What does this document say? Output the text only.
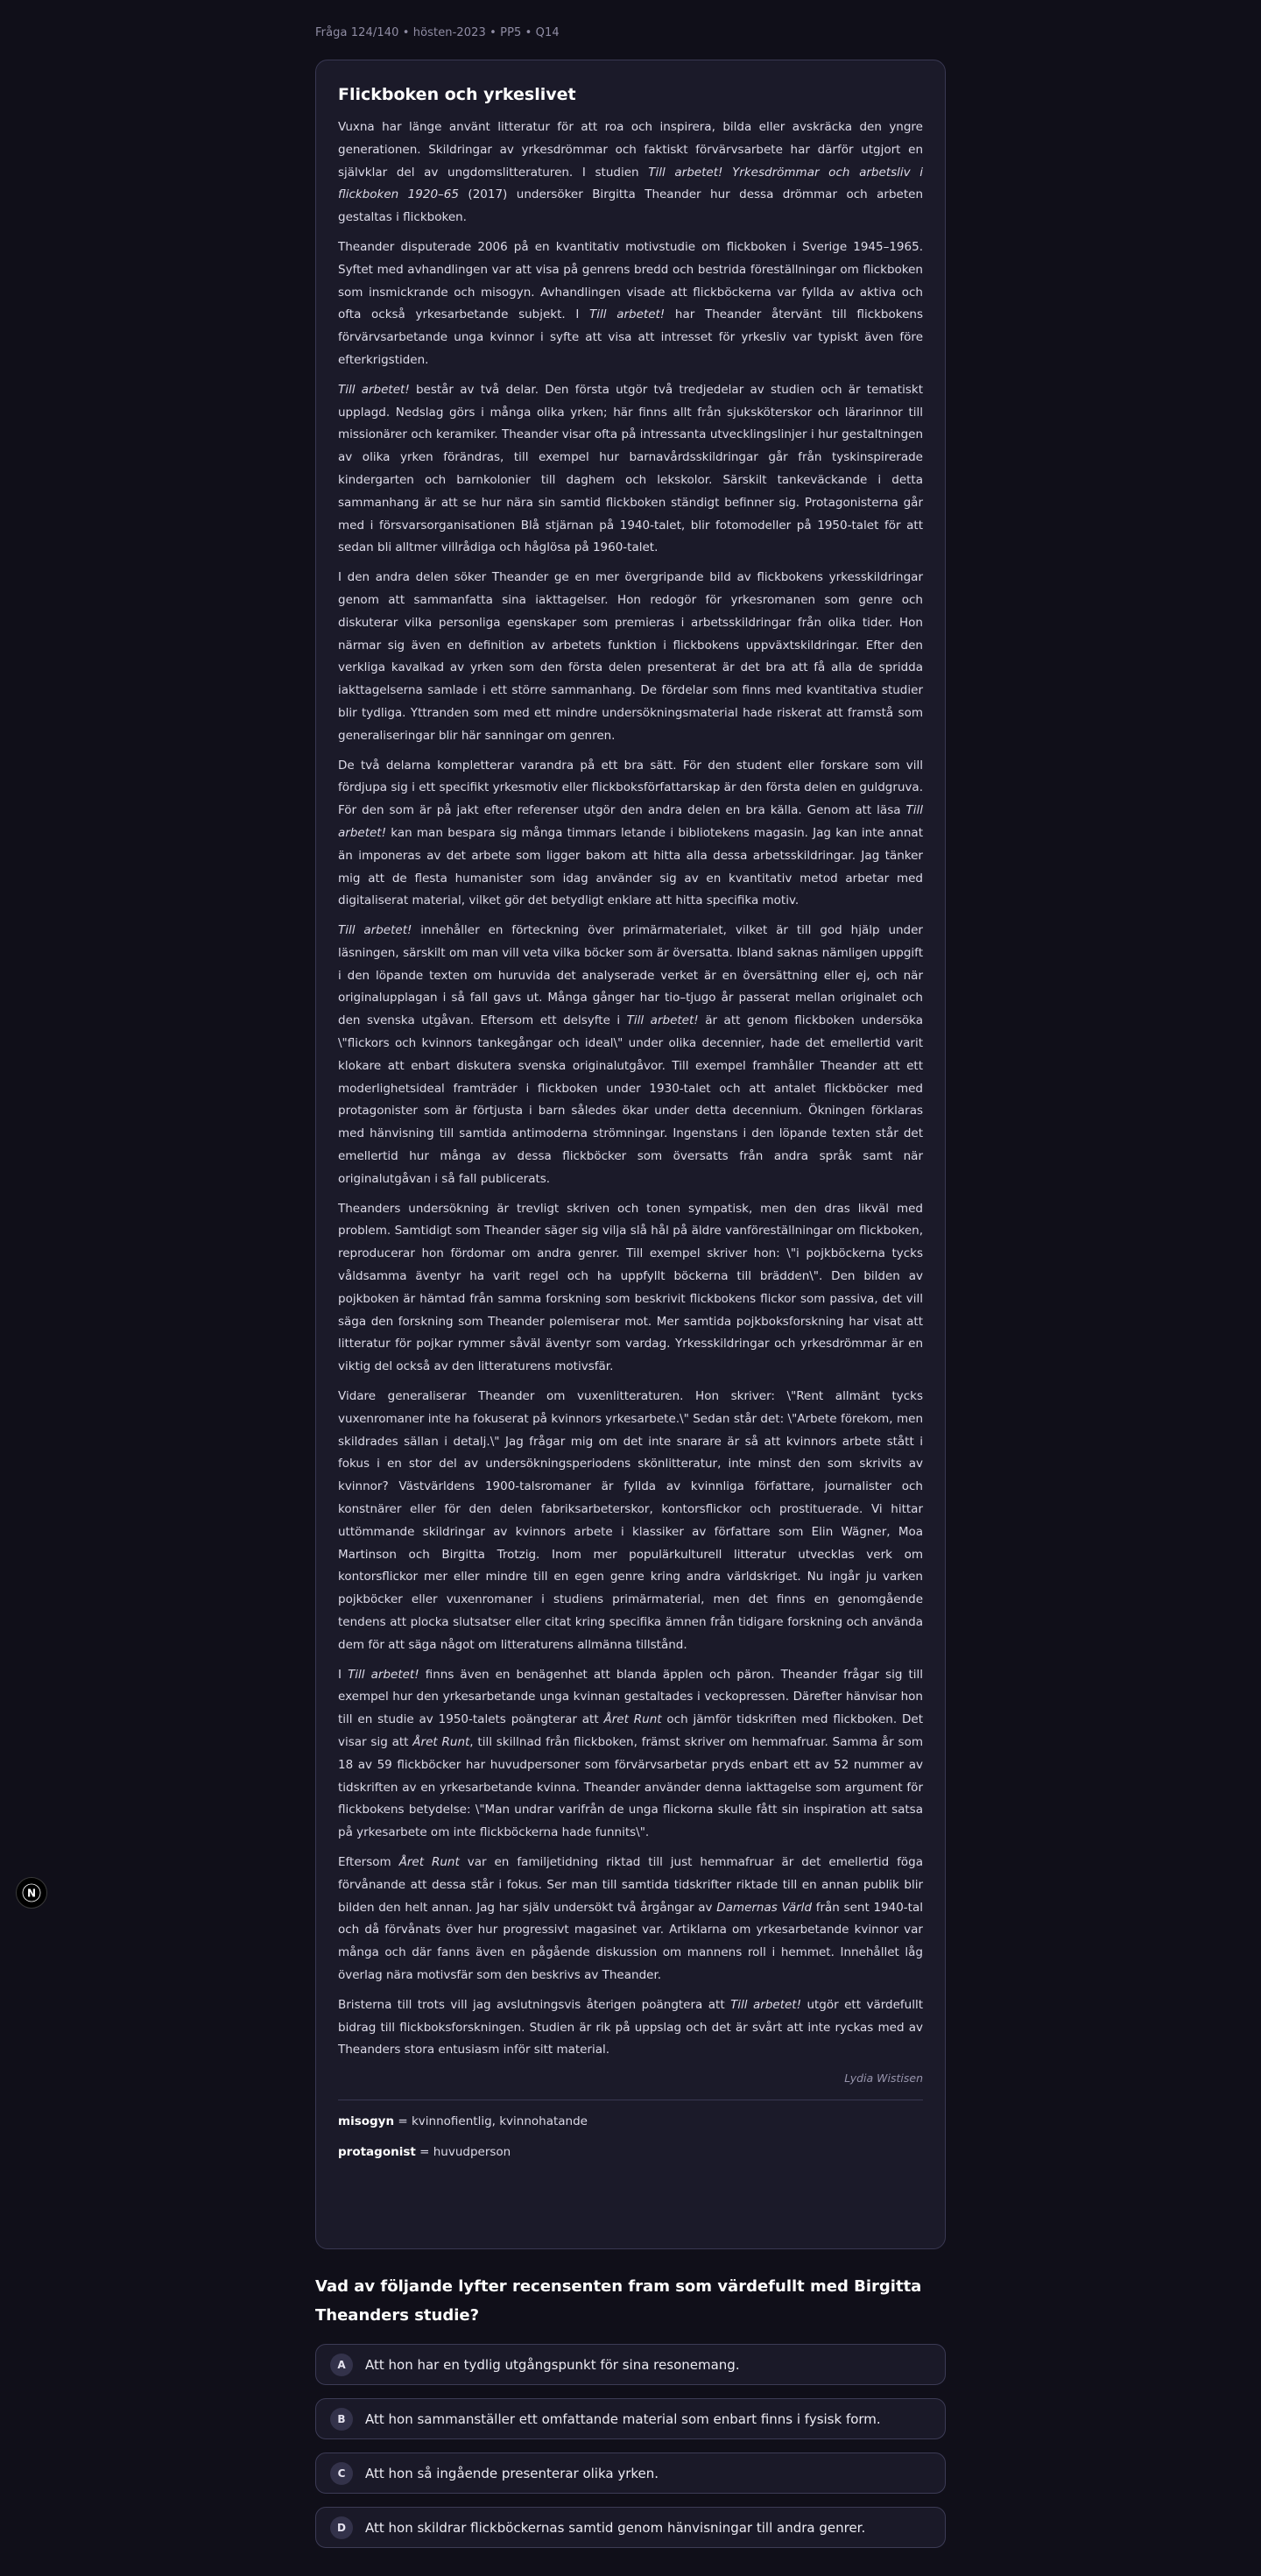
Fråga 124/140 • hösten-2023 • PP5 • Q14
Flickboken och yrkeslivet

Vuxna har länge använt litteratur för att roa och inspirera, bilda eller avskräcka den yngre generationen. Skildringar av yrkesdrömmar och faktiskt förvärvsarbete har därför utgjort en självklar del av ungdomslitteraturen. I studien Till arbetet! Yrkesdrömmar och arbetsliv i flickboken 1920–65 (2017) undersöker Birgitta Theander hur dessa drömmar och arbeten gestaltas i flickboken.

Theander disputerade 2006 på en kvantitativ motivstudie om flickboken i Sverige 1945–1965. Syftet med avhandlingen var att visa på genrens bredd och bestrida föreställningar om flickboken som insmickrande och misogyn. Avhandlingen visade att flickböckerna var fyllda av aktiva och ofta också yrkesarbetande subjekt. I Till arbetet! har Theander återvänt till flickbokens förvärvsarbetande unga kvinnor i syfte att visa att intresset för yrkesliv var typiskt även före efterkrigstiden.

Till arbetet! består av två delar. Den första utgör två tredjedelar av studien och är tematiskt upplagd. Nedslag görs i många olika yrken; här finns allt från sjuksköterskor och lärarinnor till missionärer och keramiker. Theander visar ofta på intressanta utvecklingslinjer i hur gestaltningen av olika yrken förändras, till exempel hur barnavårdsskildringar går från tyskinspirerade kindergarten och barnkolonier till daghem och lekskolor. Särskilt tankeväckande i detta sammanhang är att se hur nära sin samtid flickboken ständigt befinner sig. Protagonisterna går med i försvarsorganisationen Blå stjärnan på 1940-talet, blir fotomodeller på 1950-talet för att sedan bli alltmer villrådiga och håglösa på 1960-talet.

I den andra delen söker Theander ge en mer övergripande bild av flickbokens yrkesskildringar genom att sammanfatta sina iakttagelser. Hon redogör för yrkesromanen som genre och diskuterar vilka personliga egenskaper som premieras i arbetsskildringar från olika tider. Hon närmar sig även en definition av arbetets funktion i flickbokens uppväxtskildringar. Efter den verkliga kavalkad av yrken som den första delen presenterat är det bra att få alla de spridda iakttagelserna samlade i ett större sammanhang. De fördelar som finns med kvantitativa studier blir tydliga. Yttranden som med ett mindre undersökningsmaterial hade riskerat att framstå som generaliseringar blir här sanningar om genren.

De två delarna kompletterar varandra på ett bra sätt. För den student eller forskare som vill fördjupa sig i ett specifikt yrkesmotiv eller flickboksförfattarskap är den första delen en guldgruva. För den som är på jakt efter referenser utgör den andra delen en bra källa. Genom att läsa Till arbetet! kan man bespara sig många timmars letande i bibliotekens magasin. Jag kan inte annat än imponeras av det arbete som ligger bakom att hitta alla dessa arbetsskildringar. Jag tänker mig att de flesta humanister som idag använder sig av en kvantitativ metod arbetar med digitaliserat material, vilket gör det betydligt enklare att hitta specifika motiv.

Till arbetet! innehåller en förteckning över primärmaterialet, vilket är till god hjälp under läsningen, särskilt om man vill veta vilka böcker som är översatta. Ibland saknas nämligen uppgift i den löpande texten om huruvida det analyserade verket är en översättning eller ej, och när originalupplagan i så fall gavs ut. Många gånger har tio–tjugo år passerat mellan originalet och den svenska utgåvan. Eftersom ett delsyfte i Till arbetet! är att genom flickboken undersöka \"flickors och kvinnors tankegångar och ideal\" under olika decennier, hade det emellertid varit klokare att enbart diskutera svenska originalutgåvor. Till exempel framhåller Theander att ett moderlighetsideal framträder i flickboken under 1930-talet och att antalet flickböcker med protagonister som är förtjusta i barn således ökar under detta decennium. Ökningen förklaras med hänvisning till samtida antimoderna strömningar. Ingenstans i den löpande texten står det emellertid hur många av dessa flickböcker som översatts från andra språk samt när originalutgåvan i så fall publicerats.

Theanders undersökning är trevligt skriven och tonen sympatisk, men den dras likväl med problem. Samtidigt som Theander säger sig vilja slå hål på äldre vanföreställningar om flickboken, reproducerar hon fördomar om andra genrer. Till exempel skriver hon: \"i pojkböckerna tycks våldsamma äventyr ha varit regel och ha uppfyllt böckerna till brädden\". Den bilden av pojkboken är hämtad från samma forskning som beskrivit flickbokens flickor som passiva, det vill säga den forskning som Theander polemiserar mot. Mer samtida pojkboksforskning har visat att litteratur för pojkar rymmer såväl äventyr som vardag. Yrkesskildringar och yrkesdrömmar är en viktig del också av den litteraturens motivsfär.

Vidare generaliserar Theander om vuxenlitteraturen. Hon skriver: \"Rent allmänt tycks vuxenromaner inte ha fokuserat på kvinnors yrkesarbete.\" Sedan står det: \"Arbete förekom, men skildrades sällan i detalj.\" Jag frågar mig om det inte snarare är så att kvinnors arbete stått i fokus i en stor del av undersökningsperiodens skönlitteratur, inte minst den som skrivits av kvinnor? Västvärldens 1900-talsromaner är fyllda av kvinnliga författare, journalister och konstnärer eller för den delen fabriksarbeterskor, kontorsflickor och prostituerade. Vi hittar uttömmande skildringar av kvinnors arbete i klassiker av författare som Elin Wägner, Moa Martinson och Birgitta Trotzig. Inom mer populärkulturell litteratur utvecklas verk om kontorsflickor mer eller mindre till en egen genre kring andra världskriget. Nu ingår ju varken pojkböcker eller vuxenromaner i studiens primärmaterial, men det finns en genomgående tendens att plocka slutsatser eller citat kring specifika ämnen från tidigare forskning och använda dem för att säga något om litteraturens allmänna tillstånd.

I Till arbetet! finns även en benägenhet att blanda äpplen och päron. Theander frågar sig till exempel hur den yrkesarbetande unga kvinnan gestaltades i veckopressen. Därefter hänvisar hon till en studie av 1950-talets poängterar att Året Runt och jämför tidskriften med flickboken. Det visar sig att Året Runt, till skillnad från flickboken, främst skriver om hemmafruar. Samma år som 18 av 59 flickböcker har huvudpersoner som förvärvsarbetar pryds enbart ett av 52 nummer av tidskriften av en yrkesarbetande kvinna. Theander använder denna iakttagelse som argument för flickbokens betydelse: \"Man undrar varifrån de unga flickorna skulle fått sin inspiration att satsa på yrkesarbete om inte flickböckerna hade funnits\".

Eftersom Året Runt var en familjetidning riktad till just hemmafruar är det emellertid föga förvånande att dessa står i fokus. Ser man till samtida tidskrifter riktade till en annan publik blir bilden den helt annan. Jag har själv undersökt två årgångar av Damernas Värld från sent 1940-tal och då förvånats över hur progressivt magasinet var. Artiklarna om yrkesarbetande kvinnor var många och där fanns även en pågående diskussion om mannens roll i hemmet. Innehållet låg överlag nära motivsfär som den beskrivs av Theander.

Bristerna till trots vill jag avslutningsvis återigen poängtera att Till arbetet! utgör ett värdefullt bidrag till flickboksforskningen. Studien är rik på uppslag och det är svårt att inte ryckas med av Theanders stora entusiasm inför sitt material.

Lydia Wistisen
misogyn = kvinnofientlig, kvinnohatande
protagonist = huvudperson
Vad av följande lyfter recensenten fram som värdefullt med Birgitta Theanders studie?
A	Att hon har en tydlig utgångspunkt för sina resonemang.
B	Att hon sammanställer ett omfattande material som enbart finns i fysisk form.
C	Att hon så ingående presenterar olika yrken.
D	Att hon skildrar flickböckernas samtid genom hänvisningar till andra genrer.
N
